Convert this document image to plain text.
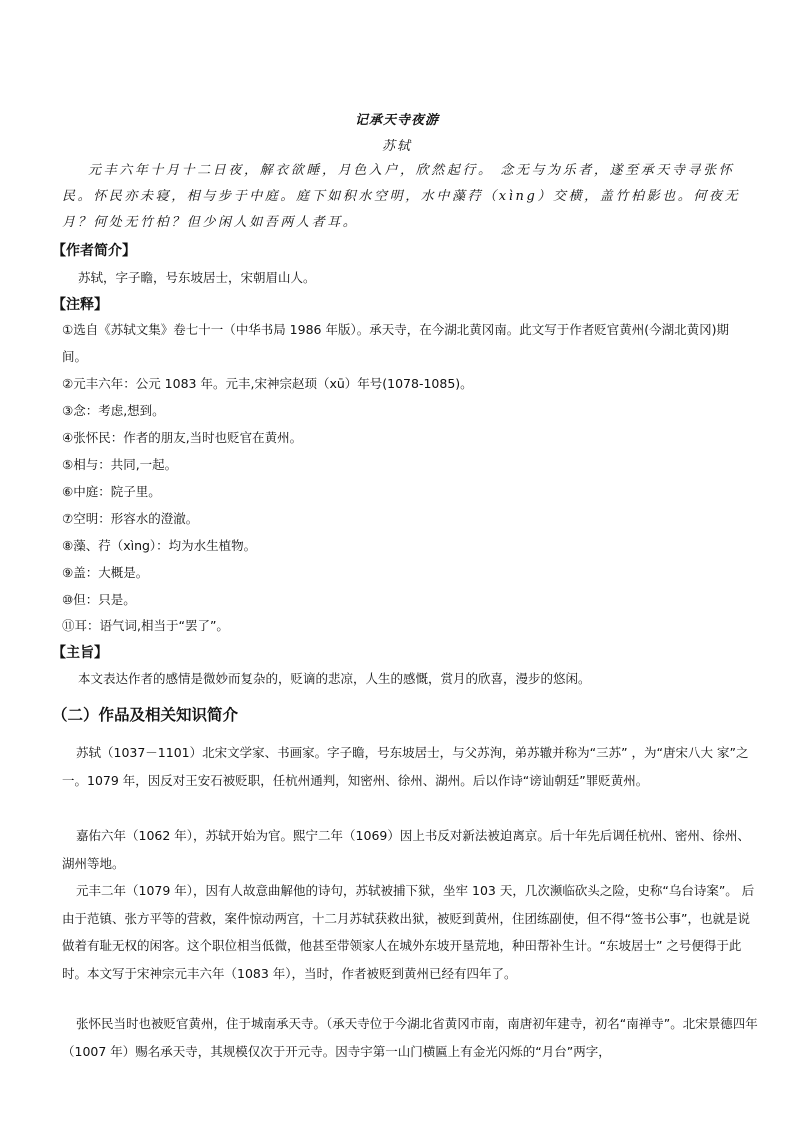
记承天寺夜游
苏轼
元丰六年十月十二日夜，解衣欲睡，月色入户，欣然起行。 念无与为乐者，遂至承天寺寻张怀民。怀民亦未寝，相与步于中庭。庭下如积水空明，水中藻荇（xìng）交横，盖竹柏影也。何夜无月？何处无竹柏？但少闲人如吾两人者耳。
【作者简介】
苏轼，字子瞻，号东坡居士，宋朝眉山人。
【注释】
①选自《苏轼文集》卷七十一（中华书局 1986 年版）。承天寺，在今湖北黄冈南。此文写于作者贬官黄州(今湖北黄冈)期间。
②元丰六年：公元 1083 年。元丰,宋神宗赵顼（xū）年号(1078-1085)。
③念：考虑,想到。
④张怀民：作者的朋友,当时也贬官在黄州。
⑤相与：共同,一起。
⑥中庭：院子里。
⑦空明：形容水的澄澈。
⑧藻、荇（xìng）：均为水生植物。
⑨盖：大概是。
⑩但：只是。
⑪耳：语气词,相当于“罢了”。
【主旨】
本文表达作者的感情是微妙而复杂的，贬谪的悲凉，人生的感慨，赏月的欣喜，漫步的悠闲。
（二）作品及相关知识简介
苏轼（1037－1101）北宋文学家、书画家。字子瞻，号东坡居士，与父苏洵，弟苏辙并称为“三苏” ，为“唐宋八大 家”之一。1079 年，因反对王安石被贬职，任杭州通判，知密州、徐州、湖州。后以作诗“谤讪朝廷”罪贬黄州。
嘉佑六年（1062 年），苏轼开始为官。熙宁二年（1069）因上书反对新法被迫离京。后十年先后调任杭州、密州、徐州、湖州等地。
元丰二年（1079 年），因有人故意曲解他的诗句，苏轼被捕下狱，坐牢 103 天，几次濒临砍头之险，史称“乌台诗案”。 后由于范镇、张方平等的营救，案件惊动两宫，十二月苏轼获救出狱，被贬到黄州，住团练副使，但不得“签书公事”，也就是说做着有耻无权的闲客。这个职位相当低微，他甚至带领家人在城外东坡开垦荒地，种田帮补生计。“东坡居士” 之号便得于此时。本文写于宋神宗元丰六年（1083 年），当时，作者被贬到黄州已经有四年了。
张怀民当时也被贬官黄州，住于城南承天寺。（承天寺位于今湖北省黄冈市南，南唐初年建寺，初名“南禅寺”。北宋景德四年（1007 年）赐名承天寺，其规模仅次于开元寺。因寺宇第一山门横匾上有金光闪烁的“月台”两字，
